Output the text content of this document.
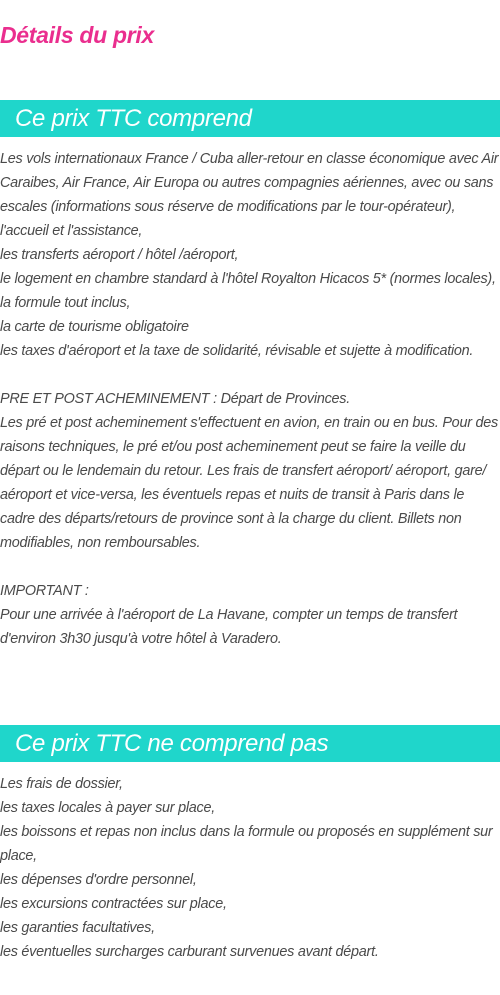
Détails du prix
Ce prix TTC comprend
Les vols internationaux France / Cuba aller-retour en classe économique avec Air Caraibes, Air France, Air Europa ou autres compagnies aériennes, avec ou sans escales (informations sous réserve de modifications par le tour-opérateur),
l'accueil et l'assistance,
les transferts aéroport / hôtel /aéroport,
le logement en chambre standard à l'hôtel Royalton Hicacos 5* (normes locales),
la formule tout inclus,
la carte de tourisme obligatoire
les taxes d'aéroport et la taxe de solidarité, révisable et sujette à modification.
PRE ET POST ACHEMINEMENT : Départ de Provinces.
Les pré et post acheminement s'effectuent en avion, en train ou en bus. Pour des raisons techniques, le pré et/ou post acheminement peut se faire la veille du départ ou le lendemain du retour. Les frais de transfert aéroport/ aéroport, gare/ aéroport et vice-versa, les éventuels repas et nuits de transit à Paris dans le cadre des départs/retours de province sont à la charge du client. Billets non modifiables, non remboursables.
IMPORTANT :
Pour une arrivée à l'aéroport de La Havane, compter un temps de transfert d'environ 3h30 jusqu'à votre hôtel à Varadero.
Ce prix TTC ne comprend pas
Les frais de dossier,
les taxes locales à payer sur place,
les boissons et repas non inclus dans la formule ou proposés en supplément sur place,
les dépenses d'ordre personnel,
les excursions contractées sur place,
les garanties facultatives,
les éventuelles surcharges carburant survenues avant départ.
